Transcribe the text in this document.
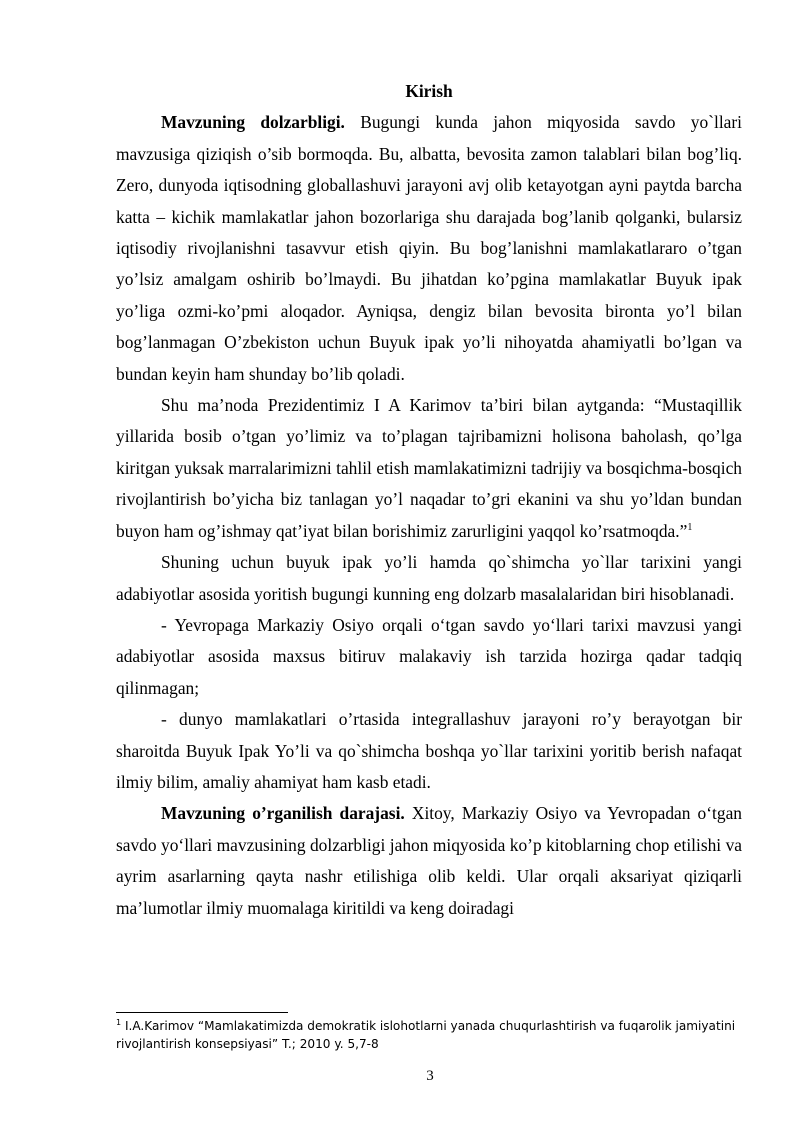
Kirish

Mavzuning dolzarbligi. Bugungi kunda jahon miqyosida savdo yo`llari mavzusiga qiziqish o’sib bormoqda. Bu, albatta, bevosita zamon talablari bilan bog’liq. Zero, dunyoda iqtisodning globallashuvi jarayoni avj olib ketayotgan ayni paytda barcha katta – kichik mamlakatlar jahon bozorlariga shu darajada bog’lanib qolganki, bularsiz iqtisodiy rivojlanishni tasavvur etish qiyin. Bu bog’lanishni mamlakatlararo o’tgan yo’lsiz amalgam oshirib bo’lmaydi. Bu jihatdan ko’pgina mamlakatlar Buyuk ipak yo’liga ozmi-ko’pmi aloqador. Ayniqsa, dengiz bilan bevosita bironta yo’l bilan bog’lanmagan O’zbekiston uchun Buyuk ipak yo’li nihoyatda ahamiyatli bo’lgan va bundan keyin ham shunday bo’lib qoladi.

Shu ma’noda Prezidentimiz I A Karimov ta’biri bilan aytganda: “Mustaqillik yillarida bosib o’tgan yo’limiz va to’plagan tajribamizni holisona baholash, qo’lga kiritgan yuksak marralarimizni tahlil etish mamlakatimizni tadrijiy va bosqichma-bosqich rivojlantirish bo’yicha biz tanlagan yo’l naqadar to’gri ekanini va shu yo’ldan bundan buyon ham og’ishmay qat’iyat bilan borishimiz zarurligini yaqqol ko’rsatmoqda.”$^1$

Shuning uchun buyuk ipak yo’li hamda qo`shimcha yo`llar tarixini yangi adabiyotlar asosida yoritish bugungi kunning eng dolzarb masalalaridan biri hisoblanadi.

- Yevropaga Markaziy Osiyo orqali o‘tgan savdo yo‘llari tarixi mavzusi yangi adabiyotlar asosida maxsus bitiruv malakaviy ish tarzida hozirga qadar tadqiq qilinmagan;

- dunyo mamlakatlari o’rtasida integrallashuv jarayoni ro’y berayotgan bir sharoitda Buyuk Ipak Yo’li va qo`shimcha boshqa yo`llar tarixini yoritib berish nafaqat ilmiy bilim, amaliy ahamiyat ham kasb etadi.

Mavzuning o’rganilish darajasi. Xitoy, Markaziy Osiyo va Yevropadan o‘tgan savdo yo‘llari mavzusining dolzarbligi jahon miqyosida ko’p kitoblarning chop etilishi va ayrim asarlarning qayta nashr etilishiga olib keldi. Ular orqali aksariyat qiziqarli ma’lumotlar ilmiy muomalaga kiritildi va keng doiradagi

$^1$ I.A.Karimov “Mamlakatimizda demokratik islohotlarni yanada chuqurlashtirish va fuqarolik jamiyatini rivojlantirish konsepsiyasi” T.; 2010 y. 5,7-8
3
